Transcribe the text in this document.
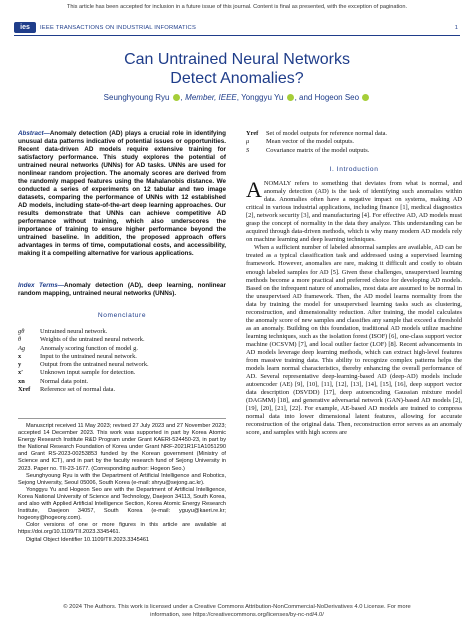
This article has been accepted for inclusion in a future issue of this journal. Content is final as presented, with the exception of pagination.
ies	IEEE TRANSACTIONS ON INDUSTRIAL INFORMATICS	1
Can Untrained Neural Networks
Detect Anomalies?
Seunghyoung Ryu , Member, IEEE, Yonggyu Yu , and Hogeon Seo
Abstract—Anomaly detection (AD) plays a crucial role in identifying unusual data patterns indicative of potential issues or opportunities. Recent data-driven AD models require extensive training for satisfactory performance. This study explores the potential of untrained neural networks (UNNs) for AD tasks. UNNs are used for nonlinear random projection. The anomaly scores are derived from the randomly mapped features using the Mahalanobis distance. We conducted a series of experiments on 12 tabular and two image datasets, comparing the performance of UNNs with 12 established AD models, including state-of-the-art deep learning approaches. Our results demonstrate that UNNs can achieve competitive AD performance without training, which also underscores the importance of training to ensure higher performance beyond the untrained baseline. In addition, the proposed approach offers advantages in terms of time, computational costs, and accessibility, making it a compelling alternative for various applications.
Index Terms—Anomaly detection (AD), deep learning, nonlinear random mapping, untrained neural networks (UNNs).
Nomenclature
gθ	Untrained neural network.
θ	Weights of the untrained neural network.
Ag	Anomaly scoring function of model g.
x	Input to the untrained neural network.
y	Output from the untrained neural network.
x′	Unknown input sample for detection.
xn	Normal data point.
Xref	Reference set of normal data.

Manuscript received 11 May 2023; revised 27 July 2023 and 27 November 2023; accepted 14 December 2023. This work was supported in part by Korea Atomic Energy Research Institute R&D Program under Grant KAERI-524450-23, in part by the National Research Foundation of Korea under Grant NRF-2021R1F1A1051290 and Grant RS-2023-00253853 funded by the Korean government (Ministry of Science and ICT), and in part by the faculty research fund of Sejong University in 2023. Paper no. TII-23-1677. (Corresponding author: Hogeon Seo.)

Seunghyoung Ryu is with the Department of Artificial Intelligence and Robotics, Sejong University, Seoul 05006, South Korea (e-mail: shryu@sejong.ac.kr).

Yonggyu Yu and Hogeon Seo are with the Department of Artificial Intelligence, Korea National University of Science and Technology, Daejeon 34113, South Korea, and also with Applied Artificial Intelligence Section, Korea Atomic Energy Research Institute, Daejeon 34057, South Korea (e-mail: yguyu@kaeri.re.kr; hogeony@hogeony.com).

Color versions of one or more figures in this article are available at https://doi.org/10.1109/TII.2023.3345461.

Digital Object Identifier 10.1109/TII.2023.3345461

Yref	Set of model outputs for reference normal data.
μ	Mean vector of the model outputs.
S	Covariance matrix of the model outputs.
I. Introduction

ANOMALY refers to something that deviates from what is normal, and anomaly detection (AD) is the task of identifying such anomalies within data. Anomalies often have a negative impact on systems, making AD critical in various industrial applications, including finance [1], medical diagnostics [2], network security [3], and manufacturing [4]. For effective AD, AD models must grasp the concept of normality in the data they analyze. This understanding can be acquired through data-driven methods, which is why many modern AD models rely on machine learning and deep learning techniques.

When a sufficient number of labeled abnormal samples are available, AD can be treated as a typical classification task and addressed using a supervised learning framework. However, anomalies are rare, making it difficult and costly to obtain enough labeled samples for AD [5]. Given these challenges, unsupervised learning methods become a more practical and preferred choice for developing AD models. Based on the infrequent nature of anomalies, most data are assumed to be normal in the unsupervised AD framework. Then, the AD model learns normality from the data by training the model for unsupervised learning tasks such as clustering, reconstruction, and dimensionality reduction. After training, the model calculates the anomaly score of new samples and classifies any sample that exceed a threshold as an anomaly. Building on this foundation, traditional AD models utilize machine learning techniques, such as the isolation forest (ISOF) [6], one-class support vector machine (OCSVM) [7], and local outlier factor (LOF) [8]. Recent advancements in AD models leverage deep learning methods, which can extract high-level features from massive training data. This ability to recognize complex patterns helps the models learn normal characteristics, thereby enhancing the overall performance of AD. Several representative deep-learning-based AD (deep-AD) models include autoencoder (AE) [9], [10], [11], [12], [13], [14], [15], [16], deep support vector data description (DSVDD) [17], deep autoencoding Gaussian mixture model (DAGMM) [18], and generative adversarial network (GAN)-based AD models [2], [19], [20], [21], [22]. For example, AE-based AD models are trained to compress normal data into lower dimensional latent features, allowing for accurate reconstruction of the original data. Then, reconstruction error serves as an anomaly score, and samples with high scores are

© 2024 The Authors. This work is licensed under a Creative Commons Attribution-NonCommercial-NoDerivatives 4.0 License. For more
information, see https://creativecommons.org/licenses/by-nc-nd/4.0/
